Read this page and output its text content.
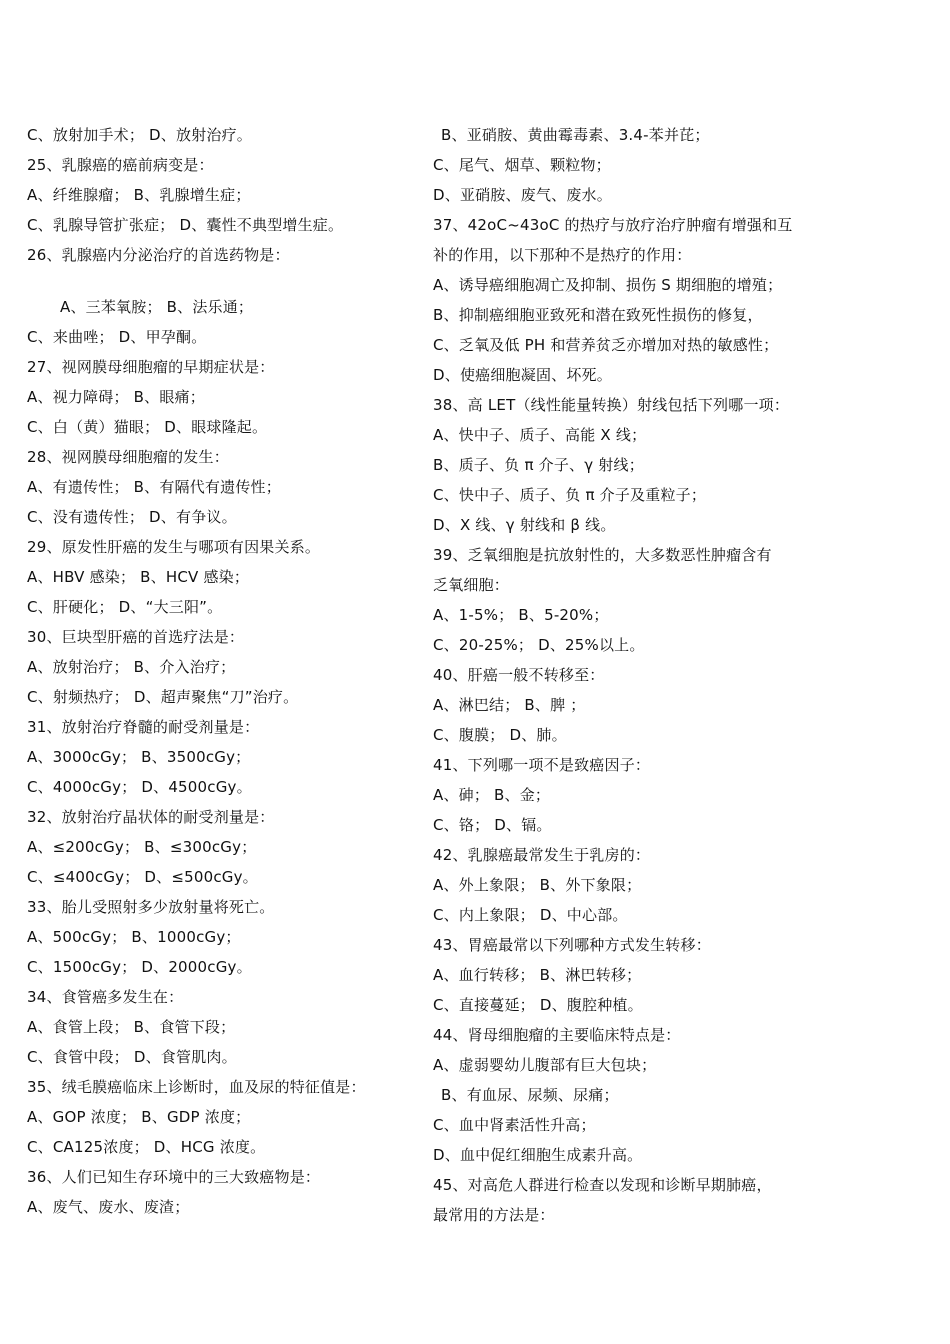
C、放射加手术； D、放射治疗。
25、乳腺癌的癌前病变是：
A、纤维腺瘤； B、乳腺增生症；
C、乳腺导管扩张症； D、囊性不典型增生症。
26、乳腺癌内分泌治疗的首选药物是：
A、三苯氧胺； B、法乐通；
C、来曲唑； D、甲孕酮。
27、视网膜母细胞瘤的早期症状是：
A、视力障碍； B、眼痛；
C、白（黄）猫眼； D、眼球隆起。
28、视网膜母细胞瘤的发生：
A、有遗传性； B、有隔代有遗传性；
C、没有遗传性； D、有争议。
29、原发性肝癌的发生与哪项有因果关系。
A、HBV 感染； B、HCV 感染；
C、肝硬化； D、“大三阳”。
30、巨块型肝癌的首选疗法是：
A、放射治疗； B、介入治疗；
C、射频热疗； D、超声聚焦“刀”治疗。
31、放射治疗脊髓的耐受剂量是：
A、3000cGy； B、3500cGy；
C、4000cGy； D、4500cGy。
32、放射治疗晶状体的耐受剂量是：
A、≤200cGy； B、≤300cGy；
C、≤400cGy； D、≤500cGy。
33、胎儿受照射多少放射量将死亡。
A、500cGy； B、1000cGy；
C、1500cGy； D、2000cGy。
34、食管癌多发生在：
A、食管上段； B、食管下段；
C、食管中段； D、食管肌肉。
35、绒毛膜癌临床上诊断时，血及尿的特征值是：
A、GOP 浓度； B、GDP 浓度；
C、CA125浓度； D、HCG 浓度。
36、人们已知生存环境中的三大致癌物是：
A、废气、废水、废渣；
B、亚硝胺、黄曲霉毒素、3.4-苯并芘；
C、尾气、烟草、颗粒物；
D、亚硝胺、废气、废水。
37、42oC~43oC 的热疗与放疗治疗肿瘤有增强和互
补的作用，以下那种不是热疗的作用：
A、诱导癌细胞凋亡及抑制、损伤 S 期细胞的增殖；
B、抑制癌细胞亚致死和潜在致死性损伤的修复，
C、乏氧及低 PH 和营养贫乏亦增加对热的敏感性；
D、使癌细胞凝固、坏死。
38、高 LET（线性能量转换）射线包括下列哪一项：
A、快中子、质子、高能 X 线；
B、质子、负 π 介子、γ 射线；
C、快中子、质子、负 π 介子及重粒子；
D、X 线、γ 射线和 β 线。
39、乏氧细胞是抗放射性的，大多数恶性肿瘤含有
乏氧细胞：
A、1-5%； B、5-20%；
C、20-25%； D、25%以上。
40、肝癌一般不转移至：
A、淋巴结； B、脾 ；
C、腹膜； D、肺。
41、下列哪一项不是致癌因子：
A、砷； B、金；
C、铬； D、镉。
42、乳腺癌最常发生于乳房的：
A、外上象限； B、外下象限；
C、内上象限； D、中心部。
43、胃癌最常以下列哪种方式发生转移：
A、血行转移； B、淋巴转移；
C、直接蔓延； D、腹腔种植。
44、肾母细胞瘤的主要临床特点是：
A、虚弱婴幼儿腹部有巨大包块；
B、有血尿、尿频、尿痛；
C、血中肾素活性升高；
D、血中促红细胞生成素升高。
45、对高危人群进行检查以发现和诊断早期肺癌，
最常用的方法是：
